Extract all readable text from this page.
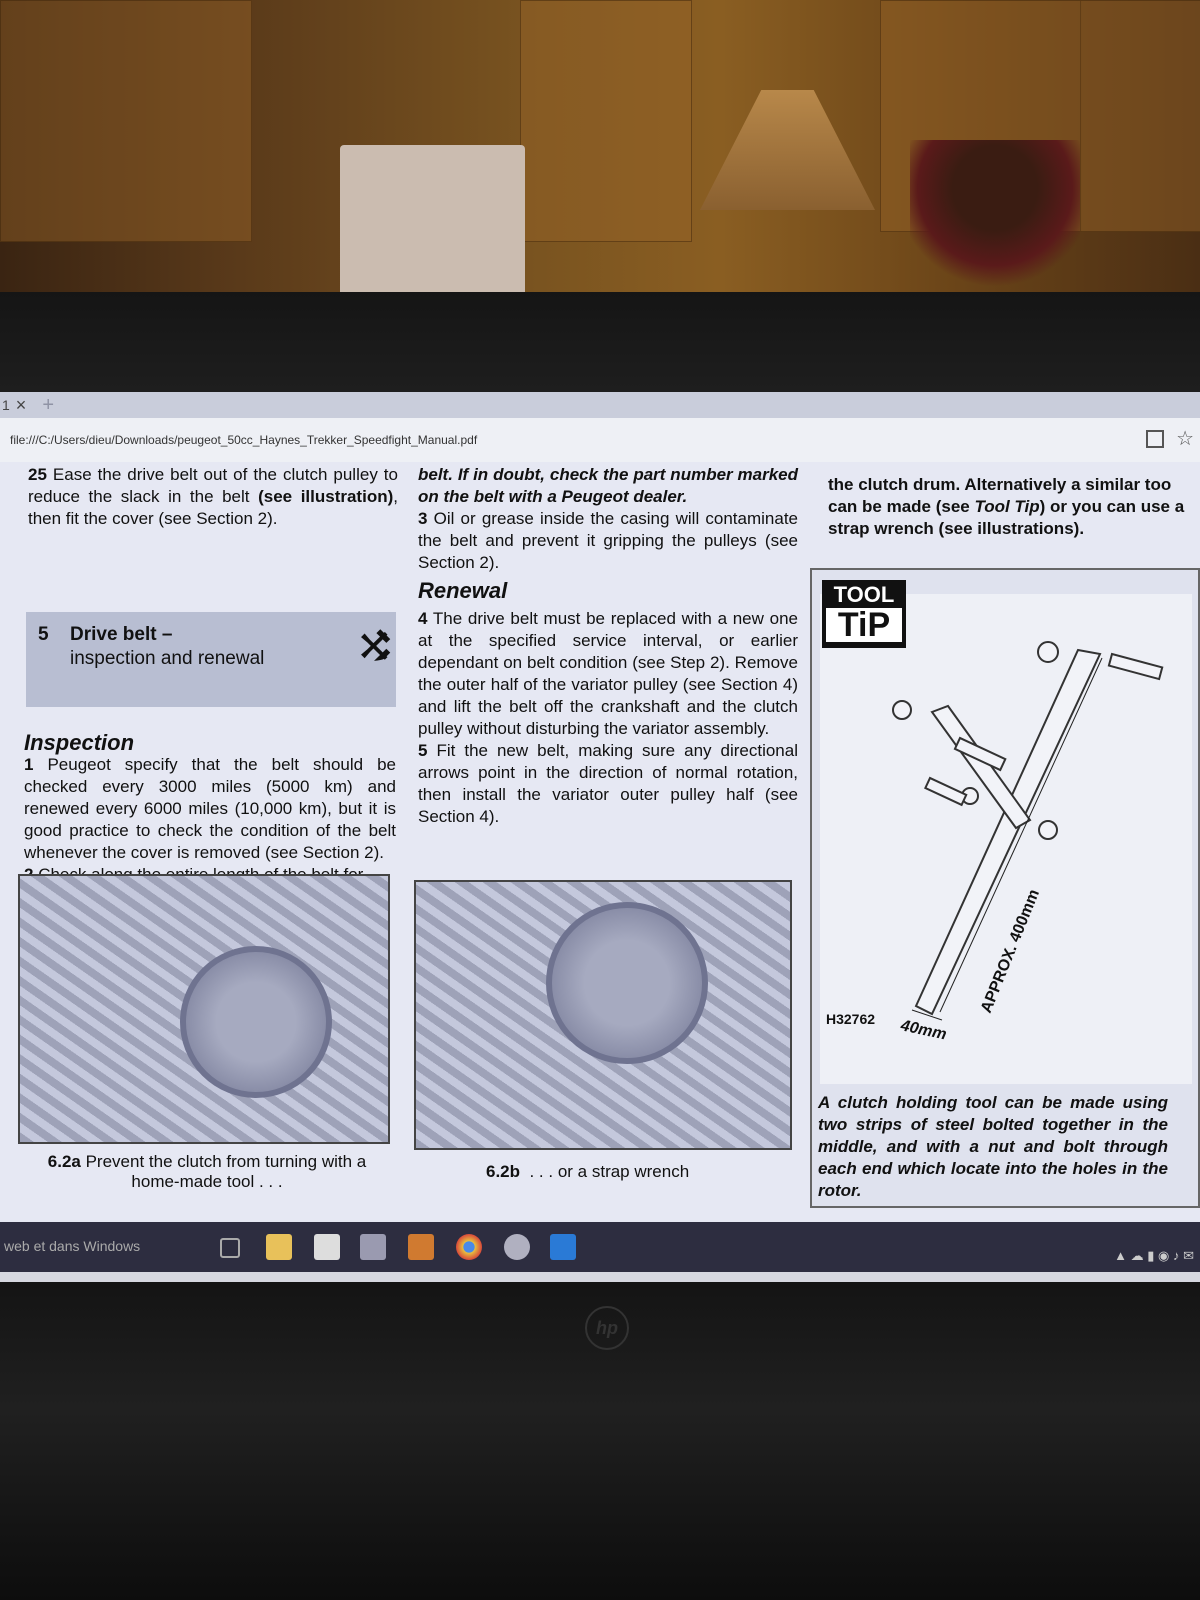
1 × +
file:///C:/Users/dieu/Downloads/peugeot_50cc_Haynes_Trekker_Speedfight_Manual.pdf	☆

25 Ease the drive belt out of the clutch pulley to reduce the slack in the belt (see illustration), then fit the cover (see Section 2).

5 Drive belt –
inspection and renewal ⚒
Inspection

1 Peugeot specify that the belt should be checked every 3000 miles (5000 km) and renewed every 6000 miles (10,000 km), but it is good practice to check the condition of the belt whenever the cover is removed (see Section 2).

belt. If in doubt, check the part number marked on the belt with a Peugeot dealer.

3 Oil or grease inside the casing will contaminate the belt and prevent it gripping the pulleys (see Section 2).

Renewal

4 The drive belt must be replaced with a new one at the specified service interval, or earlier dependant on belt condition (see Step 2). Remove the outer half of the variator pulley (see Section 4) and lift the belt off the crankshaft and the clutch pulley without disturbing the variator assembly.

5 Fit the new belt, making sure any directional arrows point in the direction of normal rotation, then install the variator outer pulley half (see Section 4).

6.2a Prevent the clutch from turning with a home-made tool . . .
6.2b . . . or a strap wrench

the clutch drum. Alternatively a similar too can be made (see Tool Tip) or you can use a strap wrench (see illustrations).

APPROX. 400mm
40mm
H32762
TOOL
TiP
A clutch holding tool can be made using two strips of steel bolted together in the middle, and with a nut and bolt through each end which locate into the holes in the rotor.
web et dans Windows
▲ ☁ ▮ ◉ ♪ ✉
hp
